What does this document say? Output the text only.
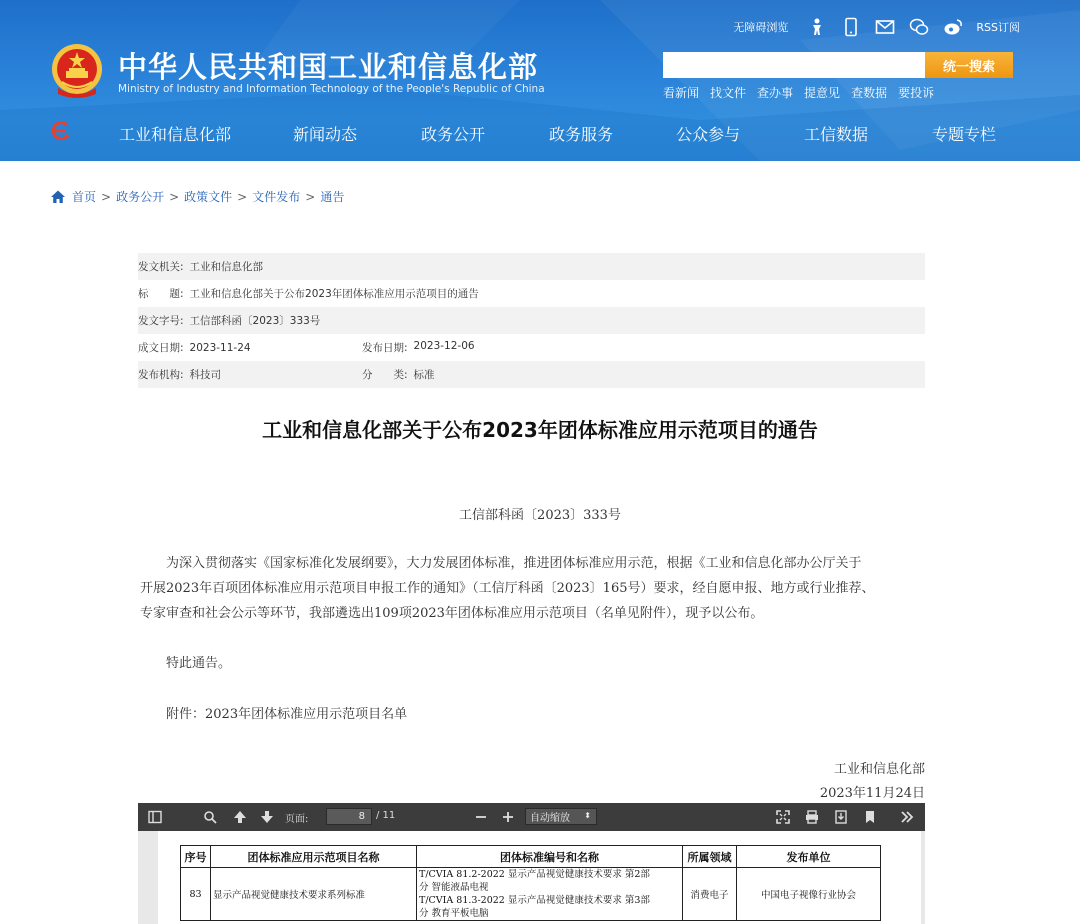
中华人民共和国工业和信息化部
Ministry of Industry and Information Technology of the People's Republic of China
无障碍浏览	RSS订阅
统一搜索
看新闻 找文件 查办事 提意见 查数据 要投诉
工业和信息化部	新闻动态	政务公开	政务服务	公众参与	工信数据	专题专栏
首页 > 政务公开 > 政策文件 > 文件发布 > 通告
发文机关: 工业和信息化部
标　　题: 工业和信息化部关于公布2023年团体标准应用示范项目的通告
发文字号: 工信部科函〔2023〕333号
成文日期: 2023-11-24	发布日期: 2023-12-06
发布机构: 科技司	分　　类: 标准
工业和信息化部关于公布2023年团体标准应用示范项目的通告
工信部科函〔2023〕333号
　　为深入贯彻落实《国家标准化发展纲要》，大力发展团体标准，推进团体标准应用示范，根据《工业和信息化部办公厅关于
开展2023年百项团体标准应用示范项目申报工作的通知》（工信厅科函〔2023〕165号）要求，经自愿申报、地方或行业推荐、
专家审查和社会公示等环节，我部遴选出109项2023年团体标准应用示范项目（名单见附件），现予以公布。
　　特此通告。
　　附件：2023年团体标准应用示范项目名单
工业和信息化部
2023年11月24日
页面:
8	/ 11	自动缩放 ⬍
序号	团体标准应用示范项目名称	团体标准编号和名称	所属领域	发布单位
83	显示产品视觉健康技术要求系列标准	T/CVIA 81.2-2022 显示产品视觉健康技术要求 第2部
分 智能液晶电视
T/CVIA 81.3-2022 显示产品视觉健康技术要求 第3部
分 教育平板电脑	消费电子	中国电子视像行业协会
